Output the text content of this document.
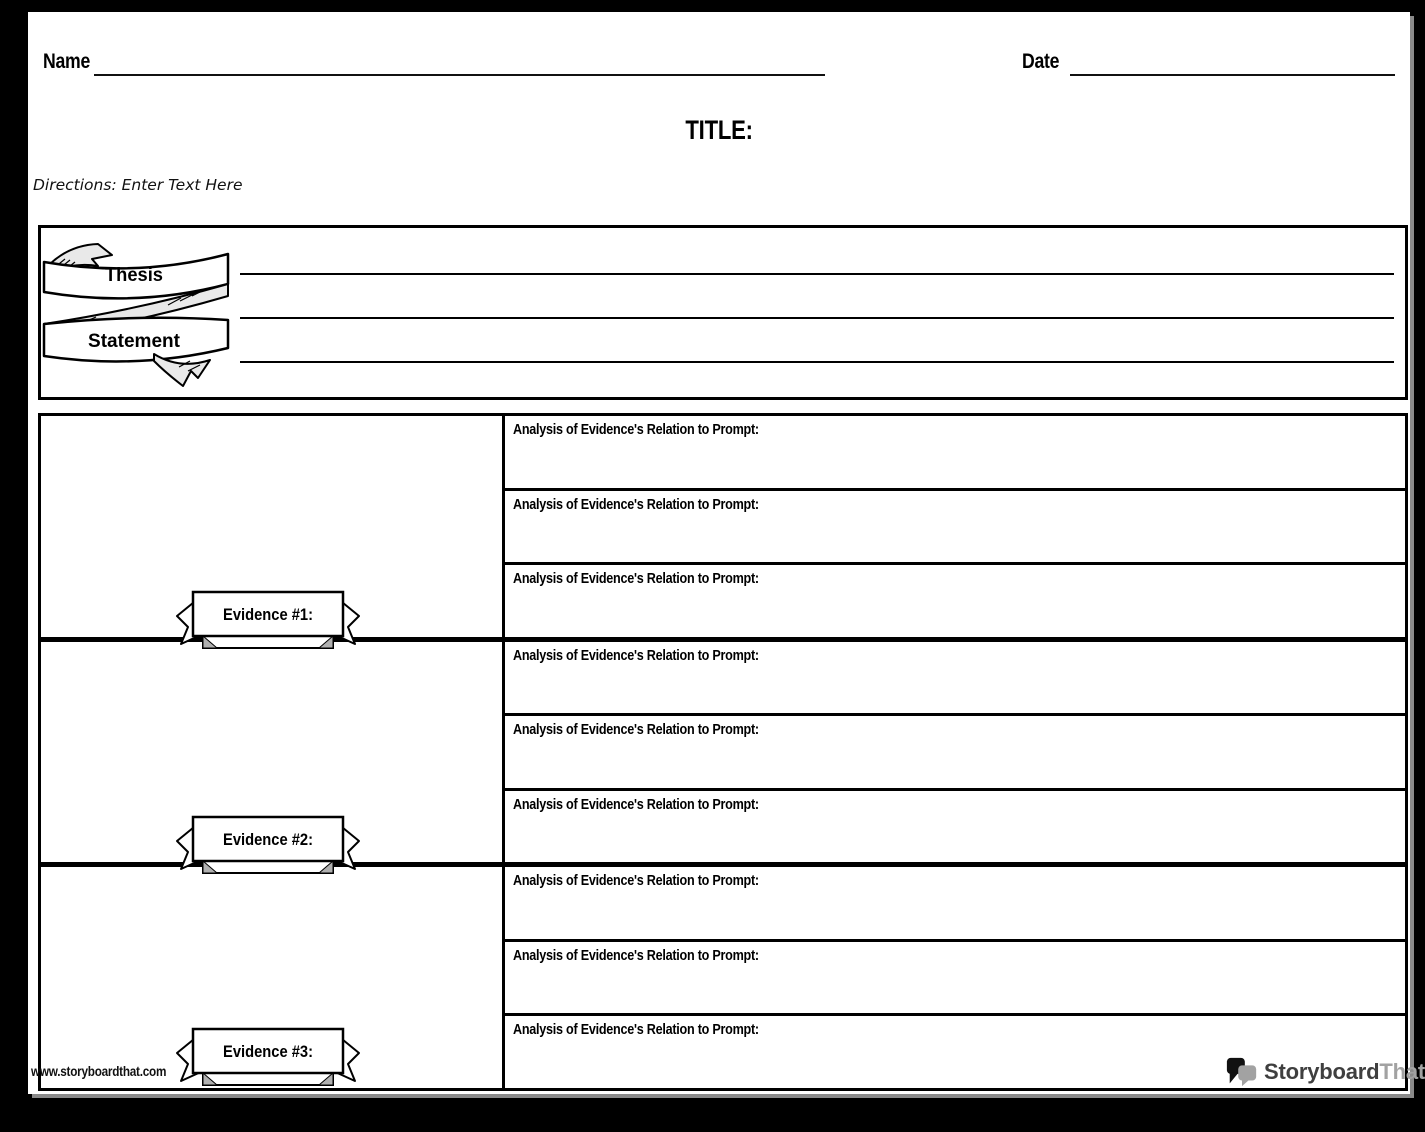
Name	Date
TITLE:
Directions: Enter Text Here
Thesis
Statement
Evidence #1:
Analysis of Evidence's Relation to Prompt:
Analysis of Evidence's Relation to Prompt:
Analysis of Evidence's Relation to Prompt:
Evidence #2:
Analysis of Evidence's Relation to Prompt:
Analysis of Evidence's Relation to Prompt:
Analysis of Evidence's Relation to Prompt:
Evidence #3:
Analysis of Evidence's Relation to Prompt:
Analysis of Evidence's Relation to Prompt:
Analysis of Evidence's Relation to Prompt:
www.storyboardthat.com	StoryboardThat
